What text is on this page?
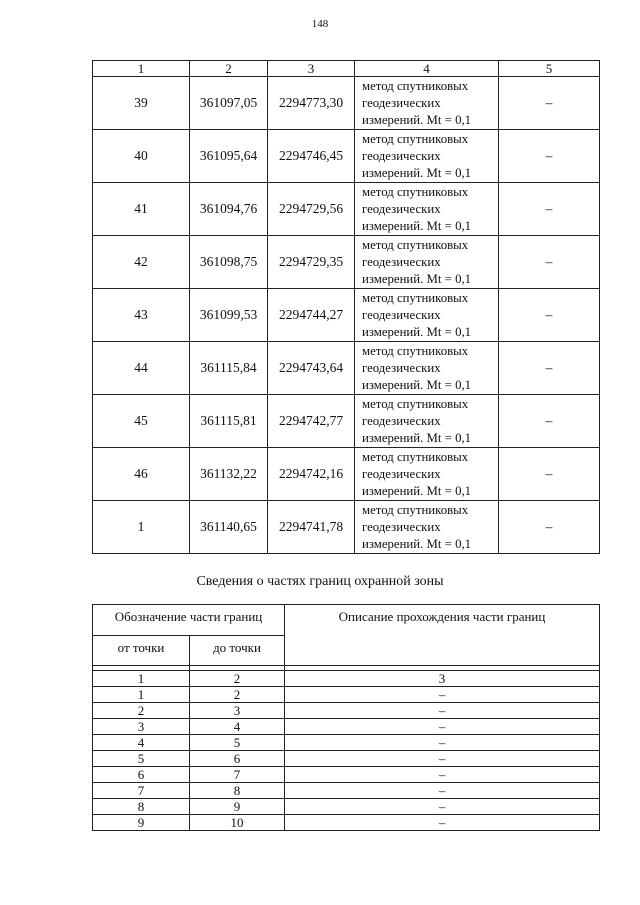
148
1	2	3	4	5
39	361097,05	2294773,30	метод спутниковых
геодезических
измерений. Mt = 0,1	–
40	361095,64	2294746,45	метод спутниковых
геодезических
измерений. Mt = 0,1	–
41	361094,76	2294729,56	метод спутниковых
геодезических
измерений. Mt = 0,1	–
42	361098,75	2294729,35	метод спутниковых
геодезических
измерений. Mt = 0,1	–
43	361099,53	2294744,27	метод спутниковых
геодезических
измерений. Mt = 0,1	–
44	361115,84	2294743,64	метод спутниковых
геодезических
измерений. Mt = 0,1	–
45	361115,81	2294742,77	метод спутниковых
геодезических
измерений. Mt = 0,1	–
46	361132,22	2294742,16	метод спутниковых
геодезических
измерений. Mt = 0,1	–
1	361140,65	2294741,78	метод спутниковых
геодезических
измерений. Mt = 0,1	–
Сведения о частях границ охранной зоны
Обозначение части границ		Описание прохождения части границ
от точки	до точки	

1	2	3
1	2	–
2	3	–
3	4	–
4	5	–
5	6	–
6	7	–
7	8	–
8	9	–
9	10	–
